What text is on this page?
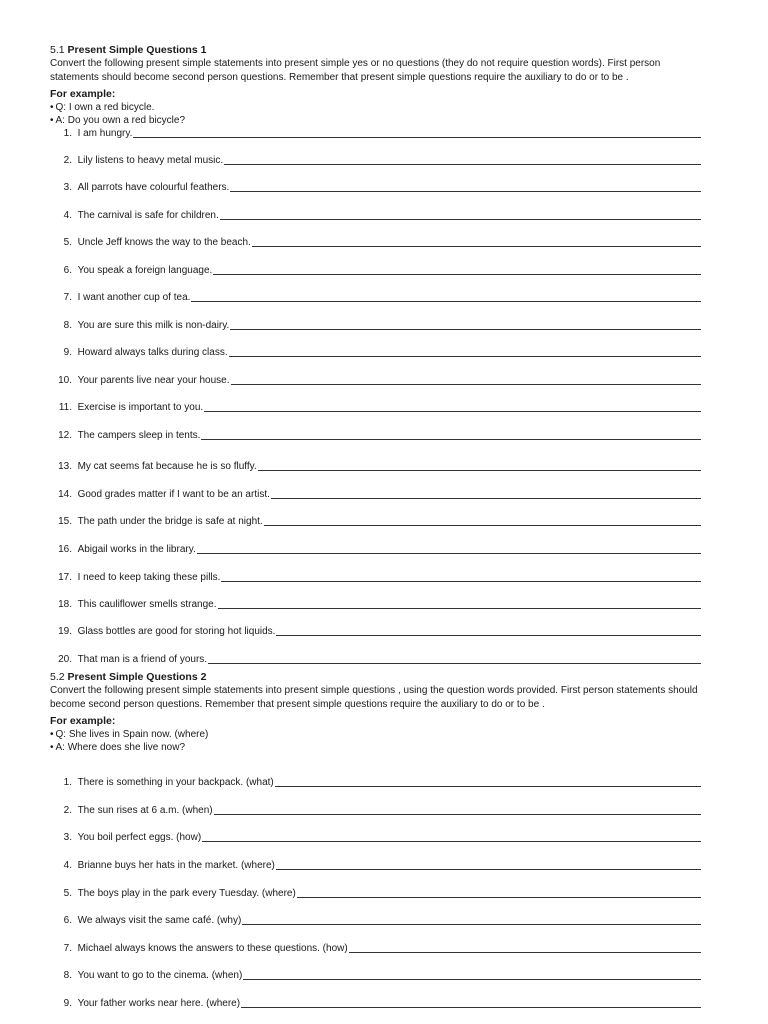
5.1 Present Simple Questions 1

Convert the following present simple statements into present simple yes or no questions (they do not require question words). First person statements should become second person questions. Remember that present simple questions require the auxiliary to do or to be .

For example:
• Q: I own a red bicycle.
• A: Do you own a red bicycle?
1.
I am hungry.
2.
Lily listens to heavy metal music.
3.
All parrots have colourful feathers.
4.
The carnival is safe for children.
5.
Uncle Jeff knows the way to the beach.
6.
You speak a foreign language.
7.
I want another cup of tea.
8.
You are sure this milk is non-dairy.
9.
Howard always talks during class.
10.
Your parents live near your house.
11.
Exercise is important to you.
12.
The campers sleep in tents.
13.
My cat seems fat because he is so fluffy.
14.
Good grades matter if I want to be an artist.
15.
The path under the bridge is safe at night.
16.
Abigail works in the library.
17.
I need to keep taking these pills.
18.
This cauliflower smells strange.
19.
Glass bottles are good for storing hot liquids.
20.
That man is a friend of yours.
5.2 Present Simple Questions 2

Convert the following present simple statements into present simple questions , using the question words provided. First person statements should become second person questions. Remember that present simple questions require the auxiliary to do or to be .

For example:
• Q: She lives in Spain now. (where)
• A: Where does she live now?
1.
There is something in your backpack. (what)
2.
The sun rises at 6 a.m. (when)
3.
You boil perfect eggs. (how)
4.
Brianne buys her hats in the market. (where)
5.
The boys play in the park every Tuesday. (where)
6.
We always visit the same café. (why)
7.
Michael always knows the answers to these questions. (how)
8.
You want to go to the cinema. (when)
9.
Your father works near here. (where)
